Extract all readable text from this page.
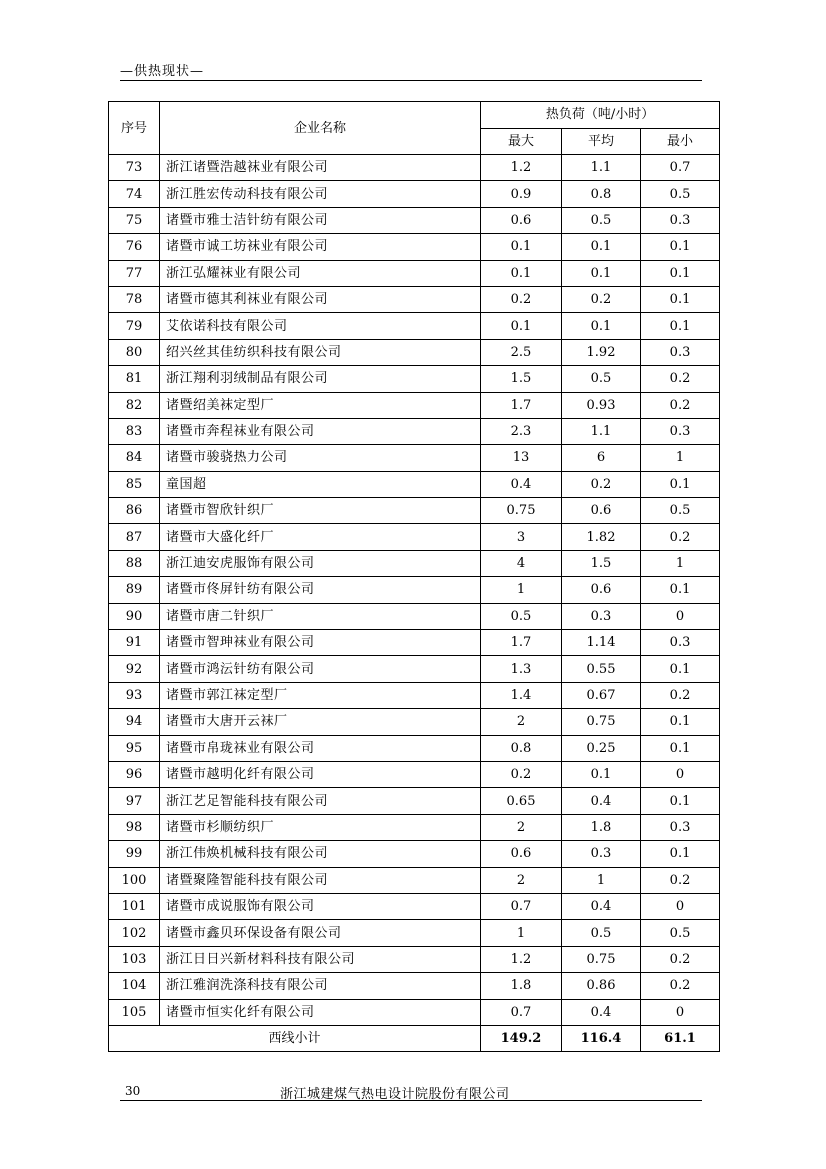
—供热现状—
序号	企业名称	热负荷（吨/小时）		
		最大	平均	最小
73	浙江诸暨浩越袜业有限公司	1.2	1.1	0.7
74	浙江胜宏传动科技有限公司	0.9	0.8	0.5
75	诸暨市雅士洁针纺有限公司	0.6	0.5	0.3
76	诸暨市诚工坊袜业有限公司	0.1	0.1	0.1
77	浙江弘耀袜业有限公司	0.1	0.1	0.1
78	诸暨市德其利袜业有限公司	0.2	0.2	0.1
79	艾依诺科技有限公司	0.1	0.1	0.1
80	绍兴丝其佳纺织科技有限公司	2.5	1.92	0.3
81	浙江翔利羽绒制品有限公司	1.5	0.5	0.2
82	诸暨绍美袜定型厂	1.7	0.93	0.2
83	诸暨市奔程袜业有限公司	2.3	1.1	0.3
84	诸暨市骏骁热力公司	13	6	1
85	童国超	0.4	0.2	0.1
86	诸暨市智欣针织厂	0.75	0.6	0.5
87	诸暨市大盛化纤厂	3	1.82	0.2
88	浙江迪安虎服饰有限公司	4	1.5	1
89	诸暨市佟屏针纺有限公司	1	0.6	0.1
90	诸暨市唐二针织厂	0.5	0.3	0
91	诸暨市智珅袜业有限公司	1.7	1.14	0.3
92	诸暨市鸿沄针纺有限公司	1.3	0.55	0.1
93	诸暨市郭江袜定型厂	1.4	0.67	0.2
94	诸暨市大唐开云袜厂	2	0.75	0.1
95	诸暨市帛珑袜业有限公司	0.8	0.25	0.1
96	诸暨市越明化纤有限公司	0.2	0.1	0
97	浙江艺足智能科技有限公司	0.65	0.4	0.1
98	诸暨市杉顺纺织厂	2	1.8	0.3
99	浙江伟焕机械科技有限公司	0.6	0.3	0.1
100	诸暨聚隆智能科技有限公司	2	1	0.2
101	诸暨市成说服饰有限公司	0.7	0.4	0
102	诸暨市鑫贝环保设备有限公司	1	0.5	0.5
103	浙江日日兴新材料科技有限公司	1.2	0.75	0.2
104	浙江雅润洗涤科技有限公司	1.8	0.86	0.2
105	诸暨市恒实化纤有限公司	0.7	0.4	0
西线小计		149.2	116.4	61.1
30	浙江城建煤气热电设计院股份有限公司
